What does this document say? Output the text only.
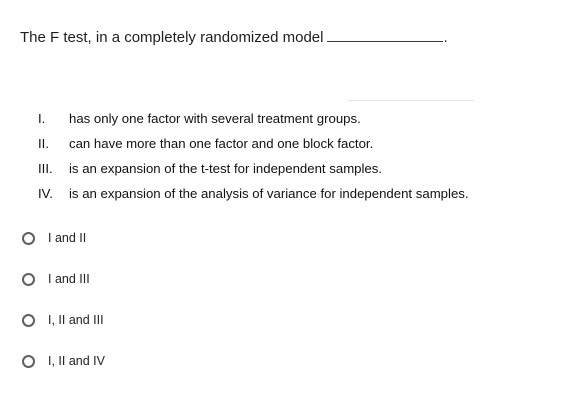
The F test, in a completely randomized model	.
I. has only one factor with several treatment groups.
II. can have more than one factor and one block factor.
III. is an expansion of the t-test for independent samples.
IV. is an expansion of the analysis of variance for independent samples.
I and II
I and III
I, II and III
I, II and IV
